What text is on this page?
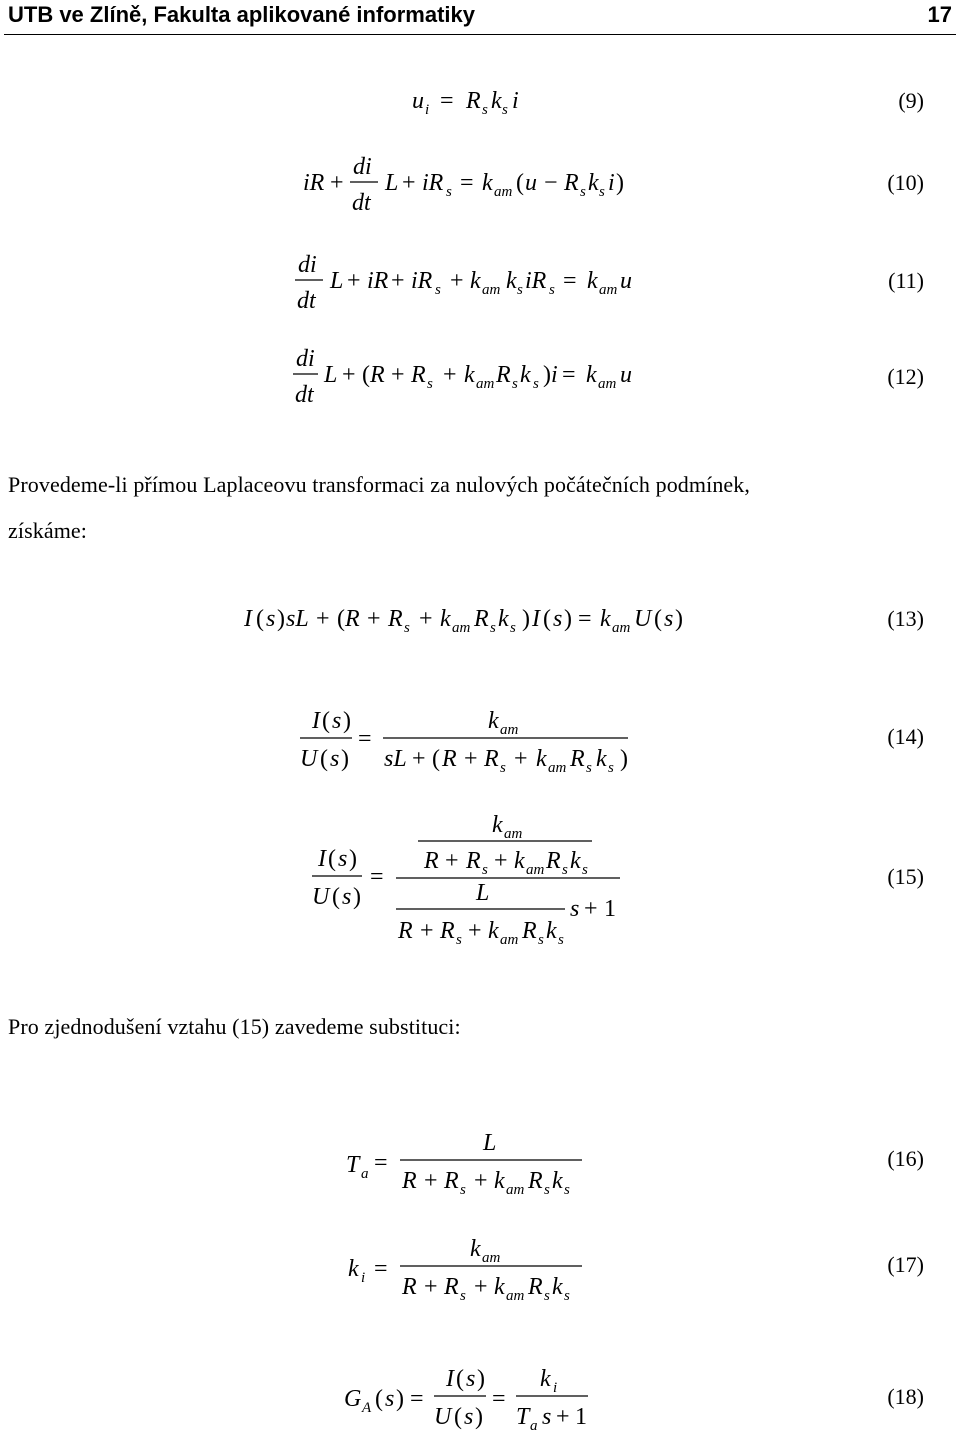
UTB ve Zlíně, Fakulta aplikované informatiky	17
u i = R s k s i	(9)
iR +
di
dt
L + iR s = k am ( u − R s k s i )	(10)
di
dt
L + iR + iR s + k am k s iR s = k am u	(11)
di
dt
L + ( R + R s + k am R s k s ) i = k am u	(12)
Provedeme-li přímou Laplaceovu transformaci za nulových počátečních podmínek,
získáme:
I ( s ) sL + ( R + R s + k am R s k s ) I ( s ) = k am U ( s )	(13)
I ( s )
U ( s )
=
k am
sL + ( R + R s + k am R s k s )
(14)
I ( s )
U ( s )
=
k am
R + R s + k am R s k s
L
s + 1
R + R s + k am R s k s
(15)
Pro zjednodušení vztahu (15) zavedeme substituci:
T a =
L
R + R s + k am R s k s
(16)
k i =
k am
R + R s + k am R s k s
(17)
G A ( s ) =
I ( s )
U ( s )
=
k i
T a s + 1
(18)
